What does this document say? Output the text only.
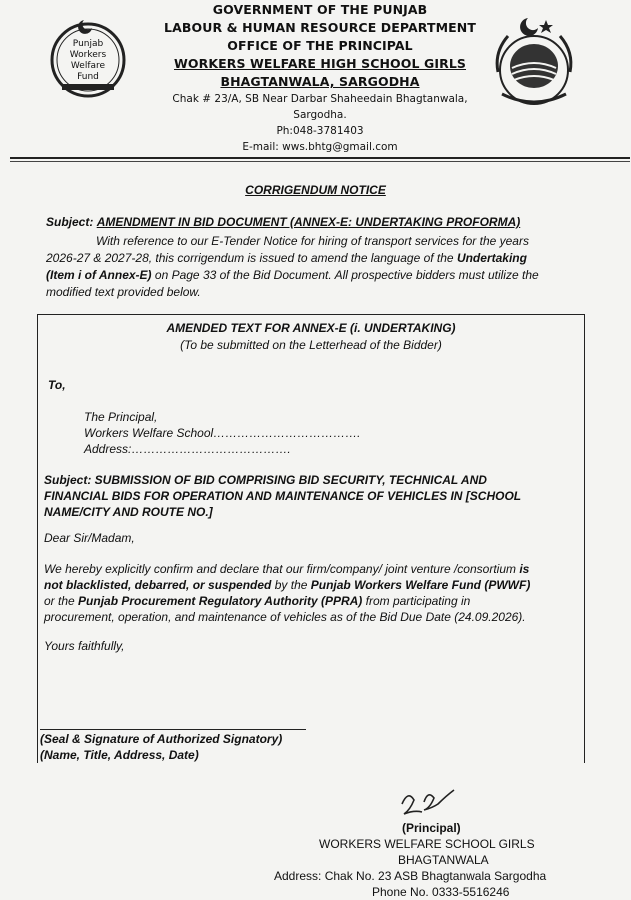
Punjab
Workers
Welfare
Fund
GOVERNMENT OF THE PUNJAB
LABOUR & HUMAN RESOURCE DEPARTMENT
OFFICE OF THE PRINCIPAL
WORKERS WELFARE HIGH SCHOOL GIRLS
BHAGTANWALA, SARGODHA
Chak # 23/A, SB Near Darbar Shaheedain Bhagtanwala,
Sargodha.
Ph:048-3781403
E-mail: wws.bhtg@gmail.com
CORRIGENDUM NOTICE
Subject: AMENDMENT IN BID DOCUMENT (ANNEX-E: UNDERTAKING PROFORMA)
With reference to our E-Tender Notice for hiring of transport services for the years
2026-27 & 2027-28, this corrigendum is issued to amend the language of the Undertaking
(Item i of Annex-E) on Page 33 of the Bid Document. All prospective bidders must utilize the
modified text provided below.
AMENDED TEXT FOR ANNEX-E (i. UNDERTAKING)
(To be submitted on the Letterhead of the Bidder)
To,
The Principal,
Workers Welfare School……………………………….
Address:………………………………….
Subject: SUBMISSION OF BID COMPRISING BID SECURITY, TECHNICAL AND
FINANCIAL BIDS FOR OPERATION AND MAINTENANCE OF VEHICLES IN [SCHOOL
NAME/CITY AND ROUTE NO.]
Dear Sir/Madam,
We hereby explicitly confirm and declare that our firm/company/ joint venture /consortium is
not blacklisted, debarred, or suspended by the Punjab Workers Welfare Fund (PWWF)
or the Punjab Procurement Regulatory Authority (PPRA) from participating in
procurement, operation, and maintenance of vehicles as of the Bid Due Date (24.09.2026).
Yours faithfully,
(Seal & Signature of Authorized Signatory)
(Name, Title, Address, Date)
(Principal)
WORKERS WELFARE SCHOOL GIRLS
BHAGTANWALA
Address: Chak No. 23 ASB Bhagtanwala Sargodha
Phone No. 0333-5516246
